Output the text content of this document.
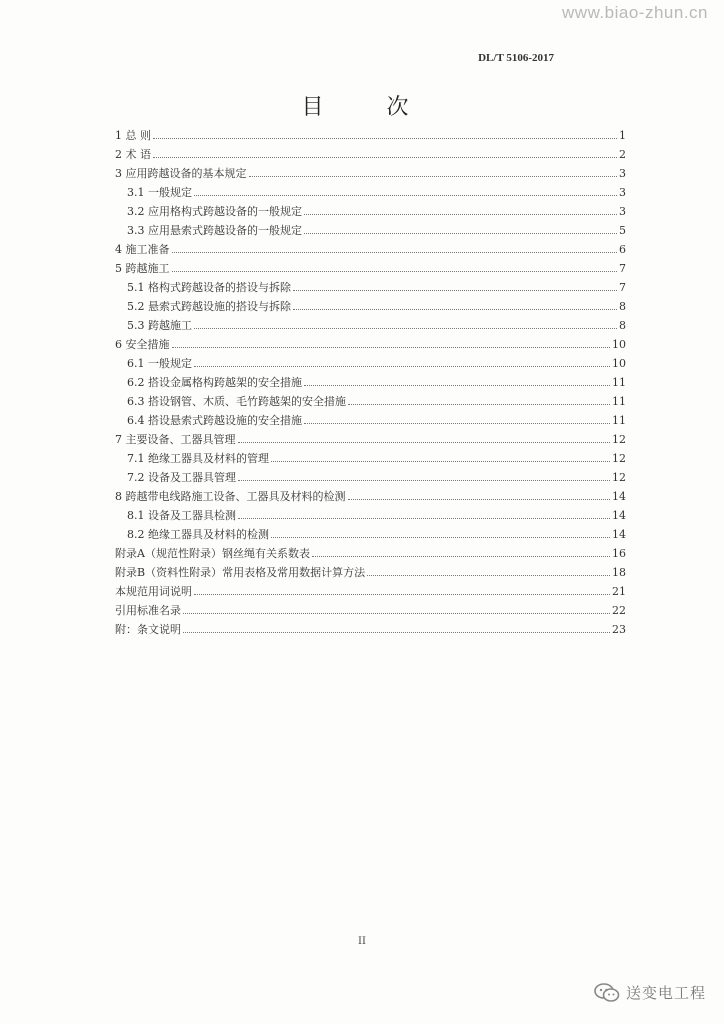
www.biao-zhun.cn
DL/T 5106-2017
目 次
1 总 则	1
2 术 语	2
3 应用跨越设备的基本规定	3
3.1 一般规定	3
3.2 应用格构式跨越设备的一般规定	3
3.3 应用悬索式跨越设备的一般规定	5
4 施工准备	6
5 跨越施工	7
5.1 格构式跨越设备的搭设与拆除	7
5.2 悬索式跨越设施的搭设与拆除	8
5.3 跨越施工	8
6 安全措施	10
6.1 一般规定	10
6.2 搭设金属格构跨越架的安全措施	11
6.3 搭设钢管、木质、毛竹跨越架的安全措施	11
6.4 搭设悬索式跨越设施的安全措施	11
7 主要设备、工器具管理	12
7.1 绝缘工器具及材料的管理	12
7.2 设备及工器具管理	12
8 跨越带电线路施工设备、工器具及材料的检测	14
8.1 设备及工器具检测	14
8.2 绝缘工器具及材料的检测	14
附录A（规范性附录）钢丝绳有关系数表	16
附录B（资料性附录）常用表格及常用数据计算方法	18
本规范用词说明	21
引用标准名录	22
附：条文说明	23
II
送变电工程
